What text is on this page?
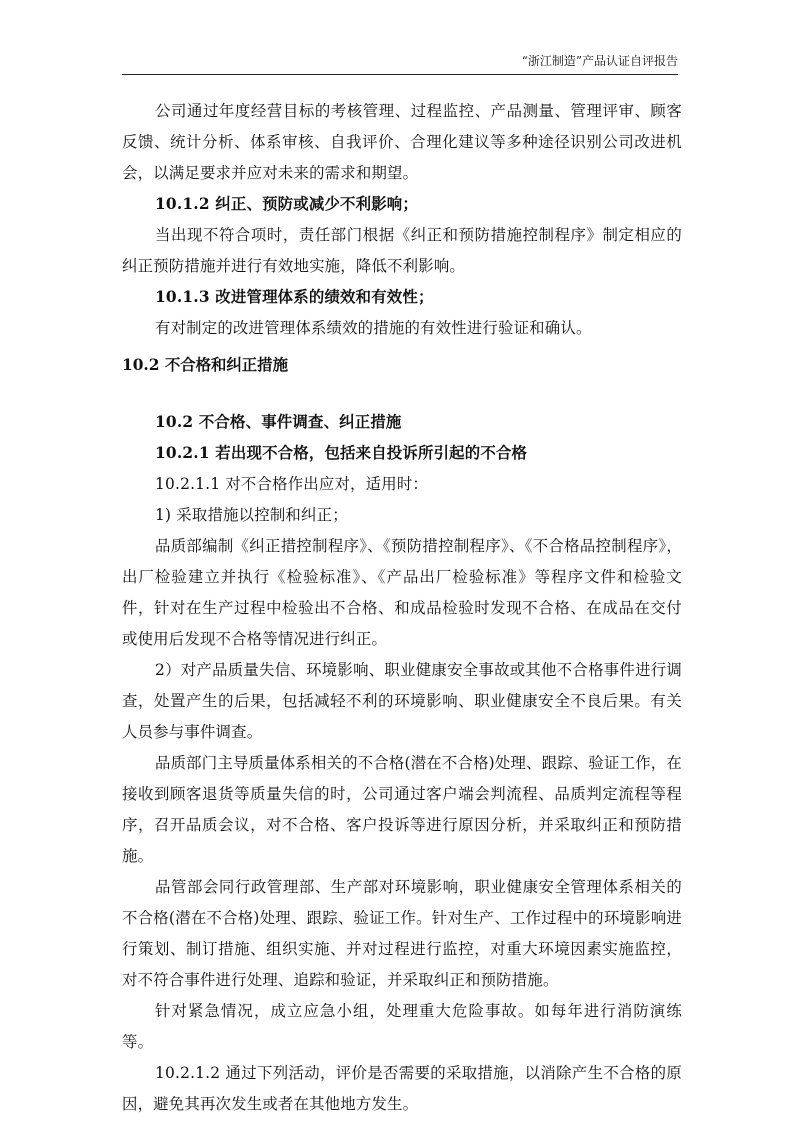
“浙江制造”产品认证自评报告

公司通过年度经营目标的考核管理、过程监控、产品测量、管理评审、顾客反馈、统计分析、体系审核、自我评价、合理化建议等多种途径识别公司改进机会，以满足要求并应对未来的需求和期望。

10.1.2 纠正、预防或减少不利影响；

当出现不符合项时，责任部门根据《纠正和预防措施控制程序》制定相应的纠正预防措施并进行有效地实施，降低不利影响。

10.1.3 改进管理体系的绩效和有效性；

有对制定的改进管理体系绩效的措施的有效性进行验证和确认。

10.2 不合格和纠正措施

10.2 不合格、事件调查、纠正措施

10.2.1 若出现不合格，包括来自投诉所引起的不合格

10.2.1.1 对不合格作出应对，适用时：

1) 采取措施以控制和纠正；

品质部编制《纠正措控制程序》、《预防措控制程序》、《不合格品控制程序》，出厂检验建立并执行《检验标准》、《产品出厂检验标准》等程序文件和检验文件，针对在生产过程中检验出不合格、和成品检验时发现不合格、在成品在交付或使用后发现不合格等情况进行纠正。

2）对产品质量失信、环境影响、职业健康安全事故或其他不合格事件进行调查，处置产生的后果，包括减轻不利的环境影响、职业健康安全不良后果。有关人员参与事件调查。

品质部门主导质量体系相关的不合格(潜在不合格)处理、跟踪、验证工作，在接收到顾客退货等质量失信的时，公司通过客户端会判流程、品质判定流程等程序，召开品质会议，对不合格、客户投诉等进行原因分析，并采取纠正和预防措施。

品管部会同行政管理部、生产部对环境影响，职业健康安全管理体系相关的不合格(潜在不合格)处理、跟踪、验证工作。针对生产、工作过程中的环境影响进行策划、制订措施、组织实施、并对过程进行监控，对重大环境因素实施监控，对不符合事件进行处理、追踪和验证，并采取纠正和预防措施。

针对紧急情况，成立应急小组，处理重大危险事故。如每年进行消防演练等。

10.2.1.2 通过下列活动，评价是否需要的采取措施，以消除产生不合格的原因，避免其再次发生或者在其他地方发生。
